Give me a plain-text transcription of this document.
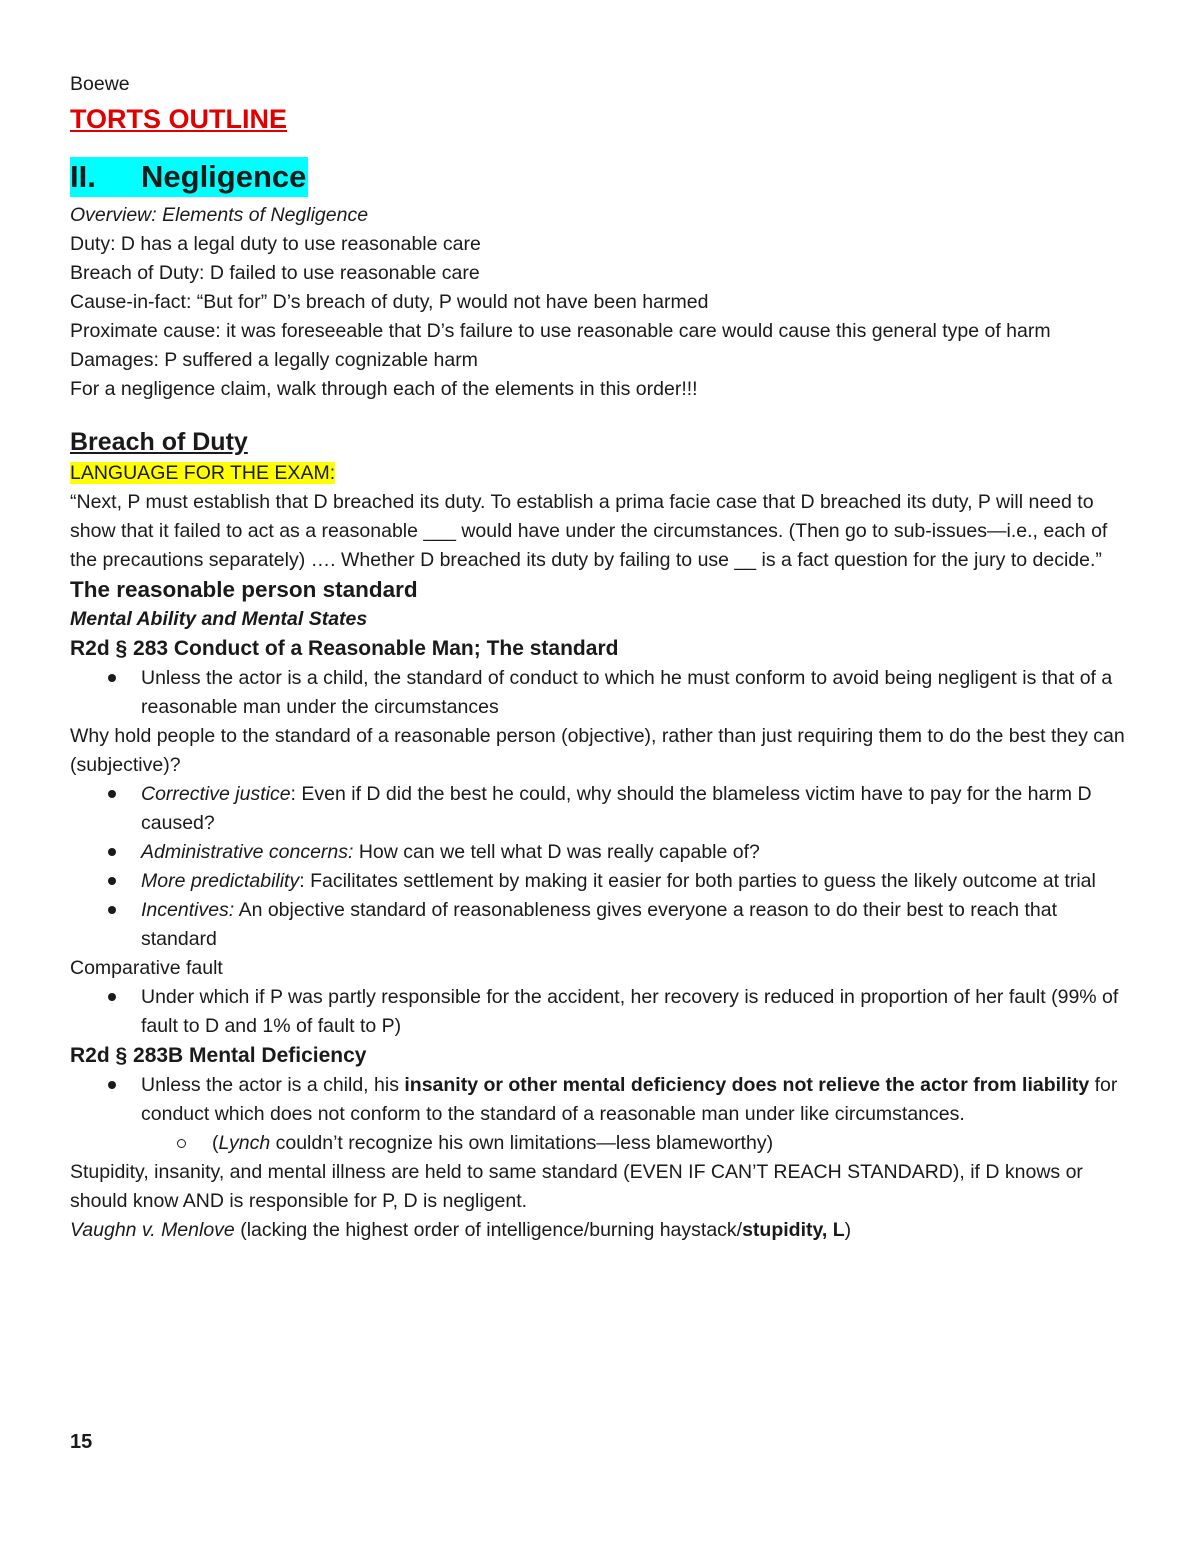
Boewe

TORTS OUTLINE

II. Negligence

Overview: Elements of Negligence

Duty: D has a legal duty to use reasonable care

Breach of Duty: D failed to use reasonable care

Cause-in-fact: “But for” D’s breach of duty, P would not have been harmed

Proximate cause: it was foreseeable that D’s failure to use reasonable care would cause this general type of harm

Damages: P suffered a legally cognizable harm

For a negligence claim, walk through each of the elements in this order!!!

Breach of Duty

LANGUAGE FOR THE EXAM:

“Next, P must establish that D breached its duty. To establish a prima facie case that D breached its duty, P will need to show that it failed to act as a reasonable ___ would have under the circumstances. (Then go to sub-issues—i.e., each of the precautions separately) …. Whether D breached its duty by failing to use __ is a fact question for the jury to decide.”

The reasonable person standard

Mental Ability and Mental States

R2d § 283 Conduct of a Reasonable Man; The standard

Unless the actor is a child, the standard of conduct to which he must conform to avoid being negligent is that of a reasonable man under the circumstances

Why hold people to the standard of a reasonable person (objective), rather than just requiring them to do the best they can (subjective)?

Corrective justice: Even if D did the best he could, why should the blameless victim have to pay for the harm D caused?
Administrative concerns: How can we tell what D was really capable of?
More predictability: Facilitates settlement by making it easier for both parties to guess the likely outcome at trial
Incentives: An objective standard of reasonableness gives everyone a reason to do their best to reach that standard

Comparative fault

Under which if P was partly responsible for the accident, her recovery is reduced in proportion of her fault (99% of fault to D and 1% of fault to P)

R2d § 283B Mental Deficiency

Unless the actor is a child, his insanity or other mental deficiency does not relieve the actor from liability for conduct which does not conform to the standard of a reasonable man under like circumstances.
(Lynch couldn’t recognize his own limitations—less blameworthy)

Stupidity, insanity, and mental illness are held to same standard (EVEN IF CAN’T REACH STANDARD), if D knows or should know AND is responsible for P, D is negligent.

Vaughn v. Menlove (lacking the highest order of intelligence/burning haystack/stupidity, L)

15
